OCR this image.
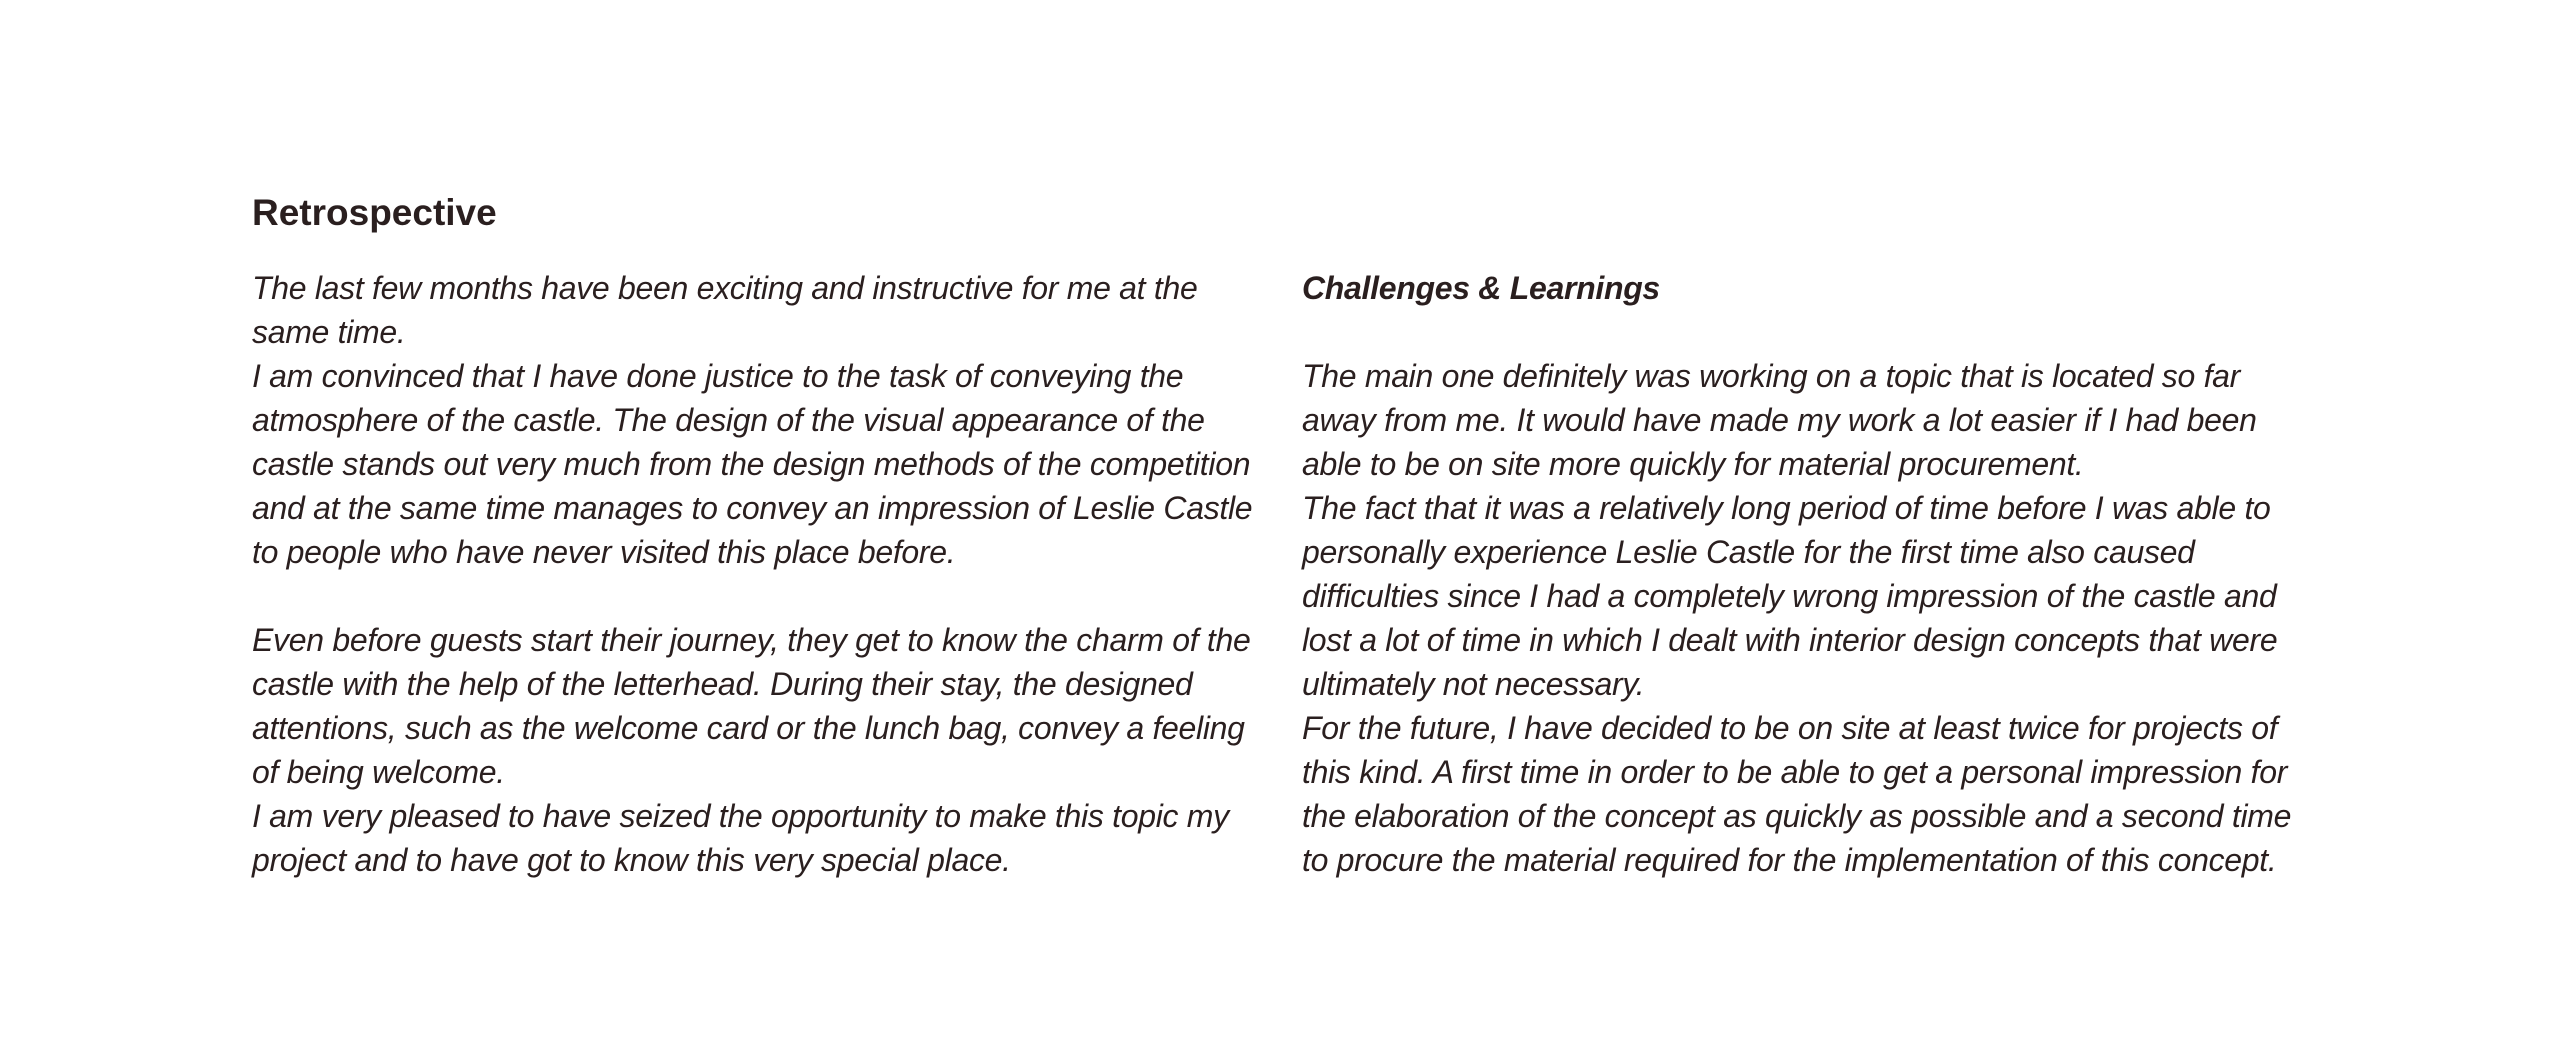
Retrospective

The last few months have been exciting and instructive for me at the same time.

I am convinced that I have done justice to the task of conveying the atmosphere of the castle. The design of the visual appearance of the castle stands out very much from the design methods of the competition and at the same time manages to convey an impression of Leslie Castle to people who have never visited this place before.

Even before guests start their journey, they get to know the charm of the castle with the help of the letterhead. During their stay, the designed attentions, such as the welcome card or the lunch bag, convey a feeling of being welcome.

I am very pleased to have seized the opportunity to make this topic my project and to have got to know this very special place.

Challenges & Learnings

The main one definitely was working on a topic that is located so far away from me. It would have made my work a lot easier if I had been able to be on site more quickly for material procurement.

The fact that it was a relatively long period of time before I was able to personally experience Leslie Castle for the first time also caused difficulties since I had a completely wrong impression of the castle and lost a lot of time in which I dealt with interior design concepts that were ultimately not necessary.

For the future, I have decided to be on site at least twice for projects of this kind. A first time in order to be able to get a personal impression for the elaboration of the concept as quickly as possible and a second time to procure the material required for the implementation of this concept.
